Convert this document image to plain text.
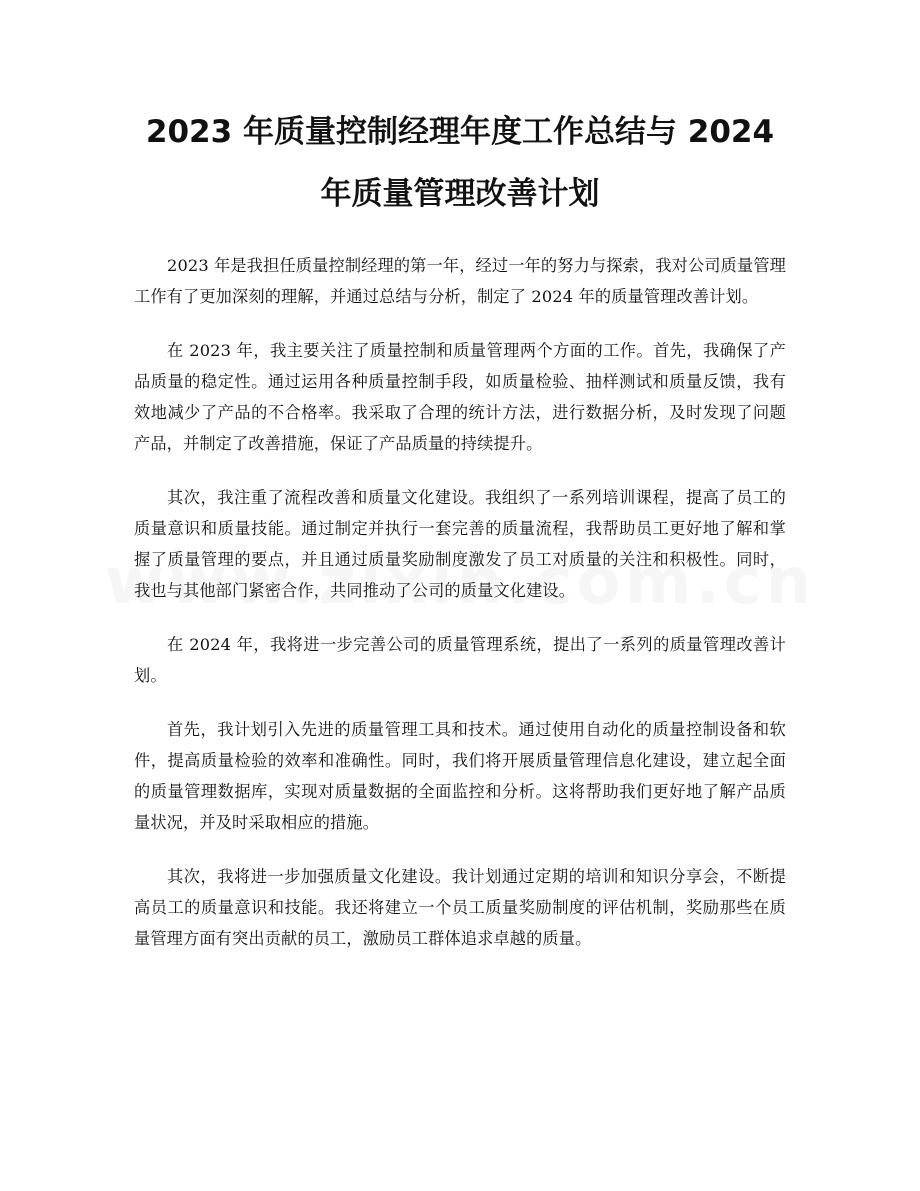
2023 年质量控制经理年度工作总结与 2024
年质量管理改善计划

2023 年是我担任质量控制经理的第一年，经过一年的努力与探索，我对公司质量管理工作有了更加深刻的理解，并通过总结与分析，制定了 2024 年的质量管理改善计划。

在 2023 年，我主要关注了质量控制和质量管理两个方面的工作。首先，我确保了产品质量的稳定性。通过运用各种质量控制手段，如质量检验、抽样测试和质量反馈，我有效地减少了产品的不合格率。我采取了合理的统计方法，进行数据分析，及时发现了问题产品，并制定了改善措施，保证了产品质量的持续提升。

其次，我注重了流程改善和质量文化建设。我组织了一系列培训课程，提高了员工的质量意识和质量技能。通过制定并执行一套完善的质量流程，我帮助员工更好地了解和掌握了质量管理的要点，并且通过质量奖励制度激发了员工对质量的关注和积极性。同时，我也与其他部门紧密合作，共同推动了公司的质量文化建设。

在 2024 年，我将进一步完善公司的质量管理系统，提出了一系列的质量管理改善计划。

首先，我计划引入先进的质量管理工具和技术。通过使用自动化的质量控制设备和软件，提高质量检验的效率和准确性。同时，我们将开展质量管理信息化建设，建立起全面的质量管理数据库，实现对质量数据的全面监控和分析。这将帮助我们更好地了解产品质量状况，并及时采取相应的措施。

其次，我将进一步加强质量文化建设。我计划通过定期的培训和知识分享会，不断提高员工的质量意识和技能。我还将建立一个员工质量奖励制度的评估机制，奖励那些在质量管理方面有突出贡献的员工，激励员工群体追求卓越的质量。
